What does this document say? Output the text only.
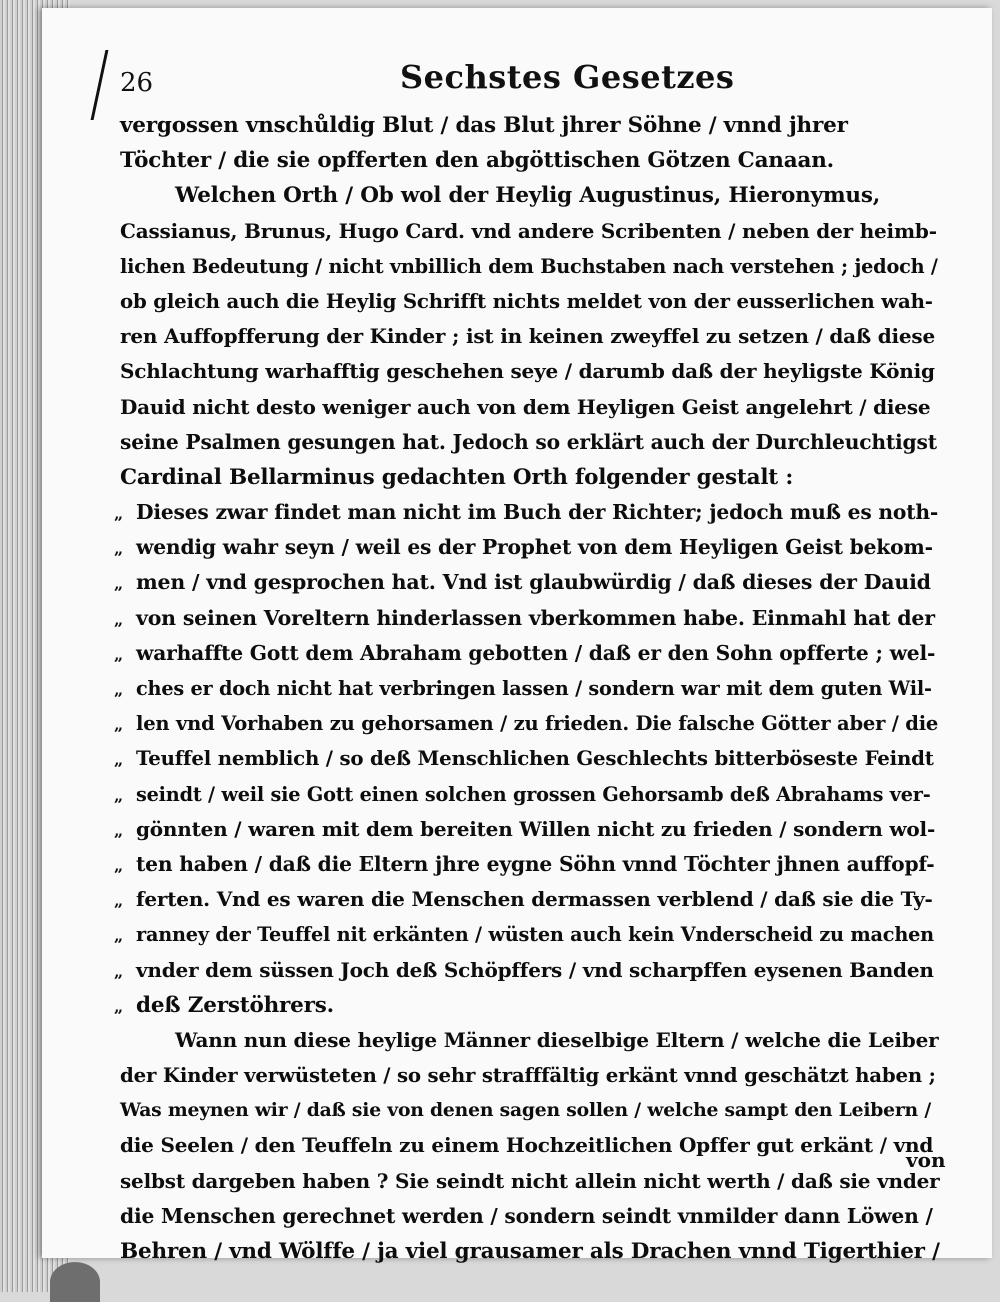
26	Sechstes Gesetzes
vergossen vnschůldig Blut / das Blut jhrer Söhne / vnnd jhrer
Töchter / die sie opfferten den abgöttischen Götzen Canaan.
Welchen Orth / Ob wol der Heylig Augustinus, Hieronymus,
Cassianus, Brunus, Hugo Card. vnd andere Scribenten / neben der heimb-
lichen Bedeutung / nicht vnbillich dem Buchstaben nach verstehen ; jedoch /
ob gleich auch die Heylig Schrifft nichts meldet von der eusserlichen wah-
ren Auffopfferung der Kinder ; ist in keinen zweyffel zu setzen / daß diese
Schlachtung warhafftig geschehen seye / darumb daß der heyligste König
Dauid nicht desto weniger auch von dem Heyligen Geist angelehrt / diese
seine Psalmen gesungen hat. Jedoch so erklärt auch der Durchleuchtigst
Cardinal Bellarminus gedachten Orth folgender gestalt :
„ Dieses zwar findet man nicht im Buch der Richter; jedoch muß es noth-
„ wendig wahr seyn / weil es der Prophet von dem Heyligen Geist bekom-
„ men / vnd gesprochen hat. Vnd ist glaubwürdig / daß dieses der Dauid
„ von seinen Voreltern hinderlassen vberkommen habe. Einmahl hat der
„ warhaffte Gott dem Abraham gebotten / daß er den Sohn opfferte ; wel-
„ ches er doch nicht hat verbringen lassen / sondern war mit dem guten Wil-
„ len vnd Vorhaben zu gehorsamen / zu frieden. Die falsche Götter aber / die
„ Teuffel nemblich / so deß Menschlichen Geschlechts bitterböseste Feindt
„ seindt / weil sie Gott einen solchen grossen Gehorsamb deß Abrahams ver-
„ gönnten / waren mit dem bereiten Willen nicht zu frieden / sondern wol-
„ ten haben / daß die Eltern jhre eygne Söhn vnnd Töchter jhnen auffopf-
„ ferten. Vnd es waren die Menschen dermassen verblend / daß sie die Ty-
„ ranney der Teuffel nit erkänten / wüsten auch kein Vnderscheid zu machen
„ vnder dem süssen Joch deß Schöpffers / vnd scharpffen eysenen Banden
„ deß Zerstöhrers.
Wann nun diese heylige Männer dieselbige Eltern / welche die Leiber
der Kinder verwüsteten / so sehr strafffältig erkänt vnnd geschätzt haben ;
Was meynen wir / daß sie von denen sagen sollen / welche sampt den Leibern /
die Seelen / den Teuffeln zu einem Hochzeitlichen Opffer gut erkänt / vnd
selbst dargeben haben ? Sie seindt nicht allein nicht werth / daß sie vnder
die Menschen gerechnet werden / sondern seindt vnmilder dann Löwen /
Behren / vnd Wölffe / ja viel grausamer als Drachen vnnd Tigerthier /
von
